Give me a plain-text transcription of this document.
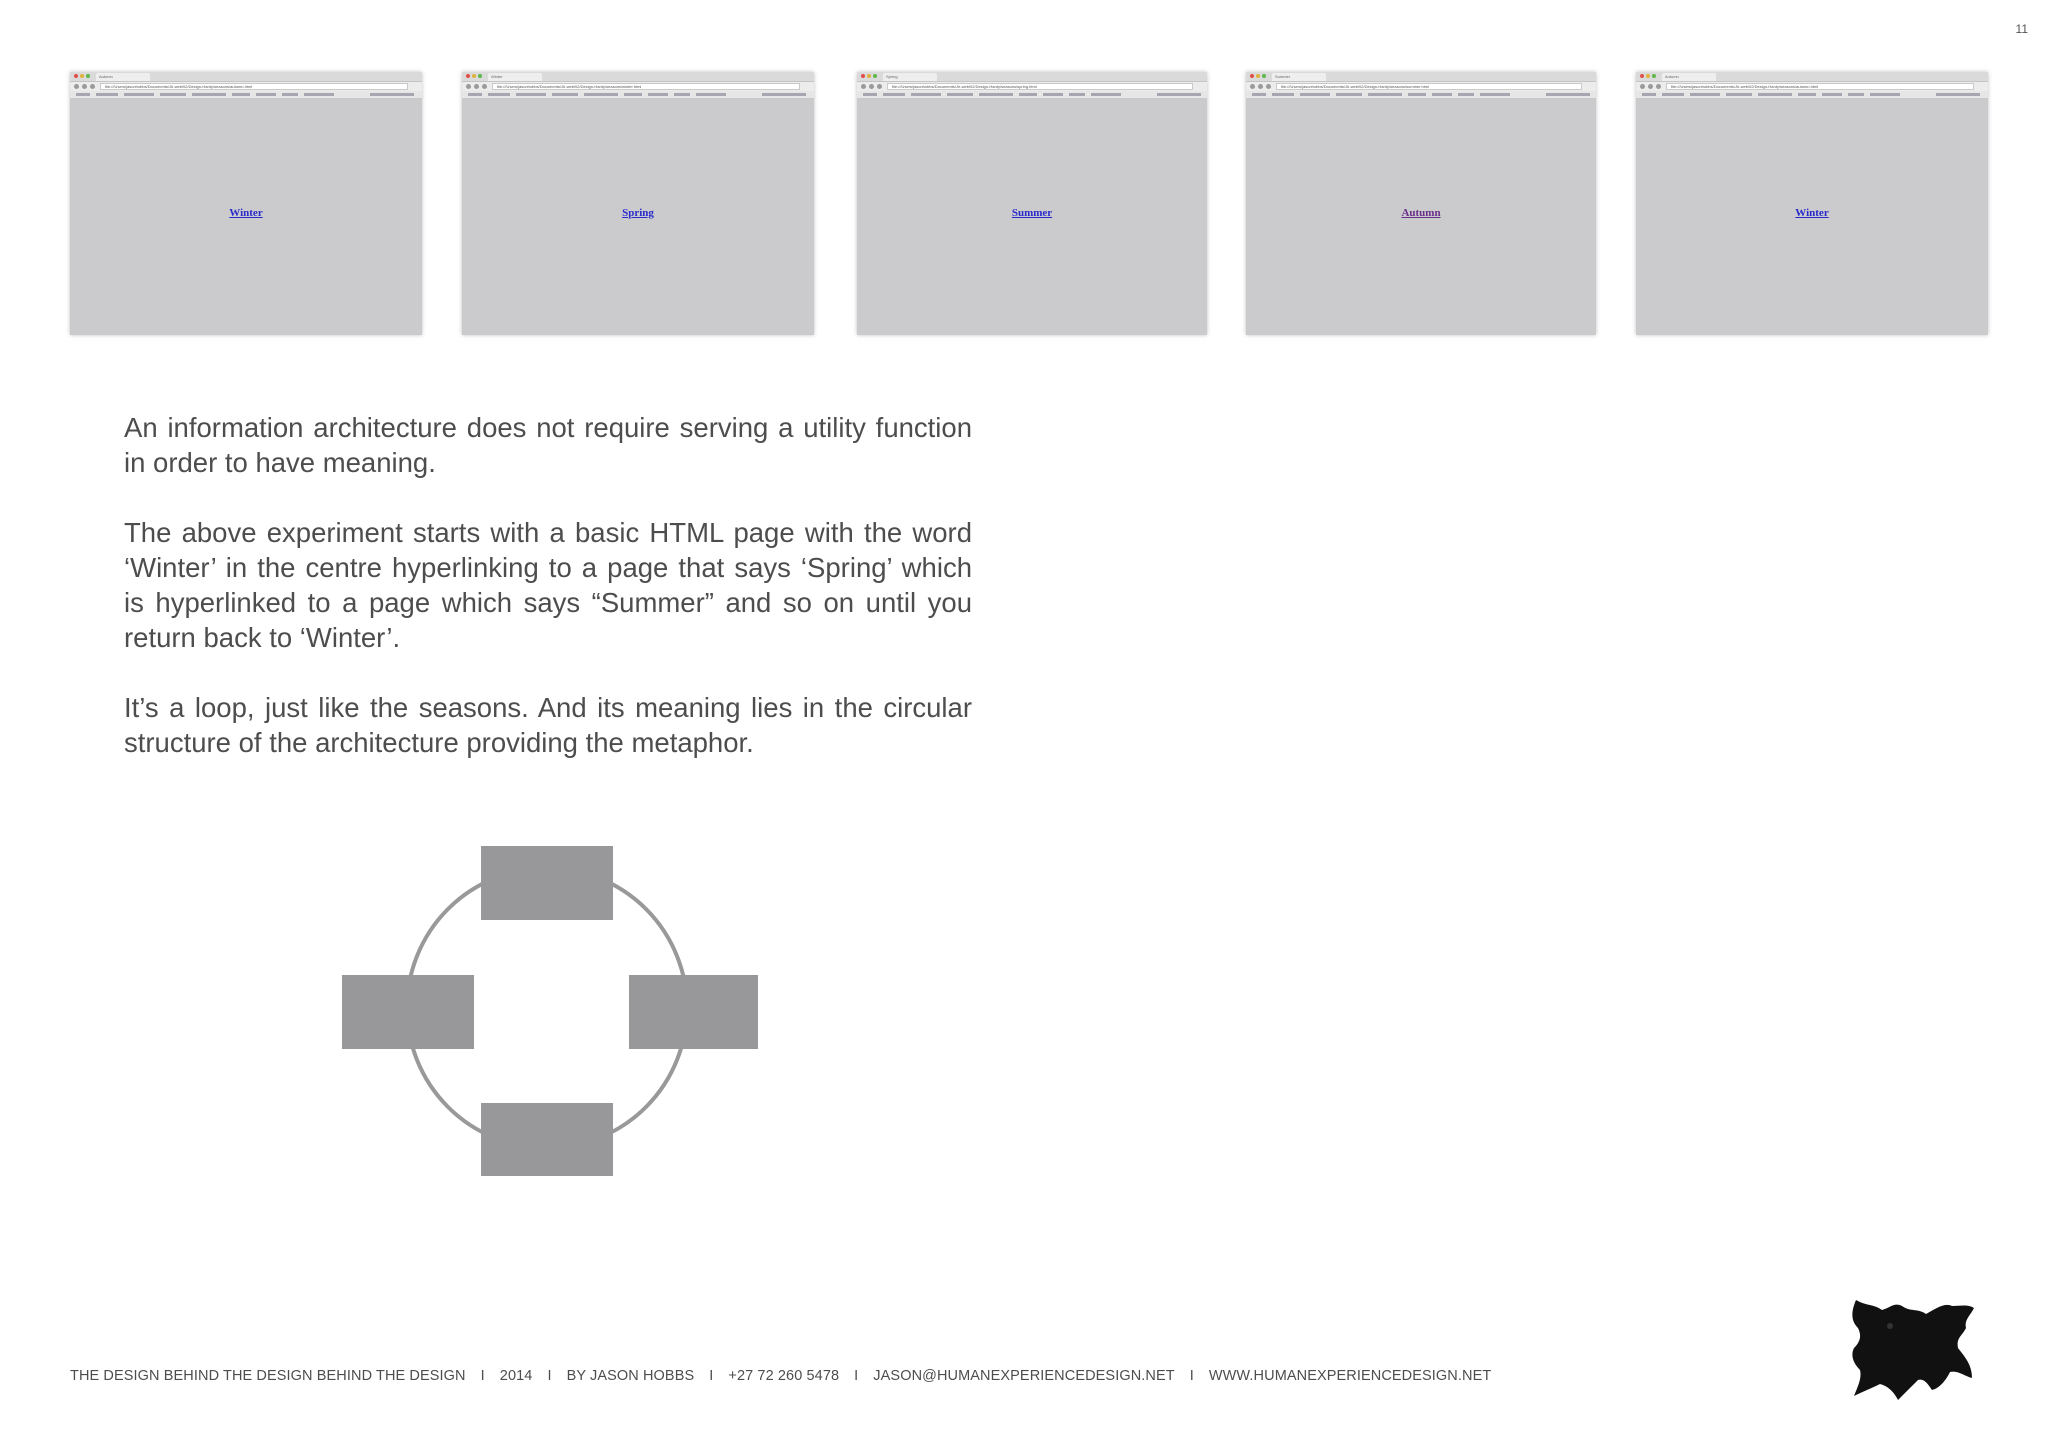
11
Autumn
file:///Users/jasonhobbs/Documents/Jh-web/02/Design-Hardy/seasons/autumn.html
Winter
Winter
file:///Users/jasonhobbs/Documents/Jh-web/02/Design-Hardy/seasons/winter.html
Spring
Spring
file:///Users/jasonhobbs/Documents/Jh-web/02/Design-Hardy/seasons/spring.html
Summer
Summer
file:///Users/jasonhobbs/Documents/Jh-web/02/Design-Hardy/seasons/summer.html
Autumn
Autumn
file:///Users/jasonhobbs/Documents/Jh-web/02/Design-Hardy/seasons/autumn.html
Winter

An information architecture does not require serving a utility function in order to have meaning.

The above experiment starts with a basic HTML page with the word ‘Winter’ in the centre hyperlinking to a page that says ‘Spring’ which is hyperlinked to a page which says “Summer” and so on until you return back to ‘Winter’.

It’s a loop, just like the seasons. And its meaning lies in the circular structure of the architecture providing the metaphor.

THE DESIGN BEHIND THE DESIGN BEHIND THE DESIGN I 2014 I BY JASON HOBBS I +27 72 260 5478 I JASON@HUMANEXPERIENCEDESIGN.NET I WWW.HUMANEXPERIENCEDESIGN.NET
